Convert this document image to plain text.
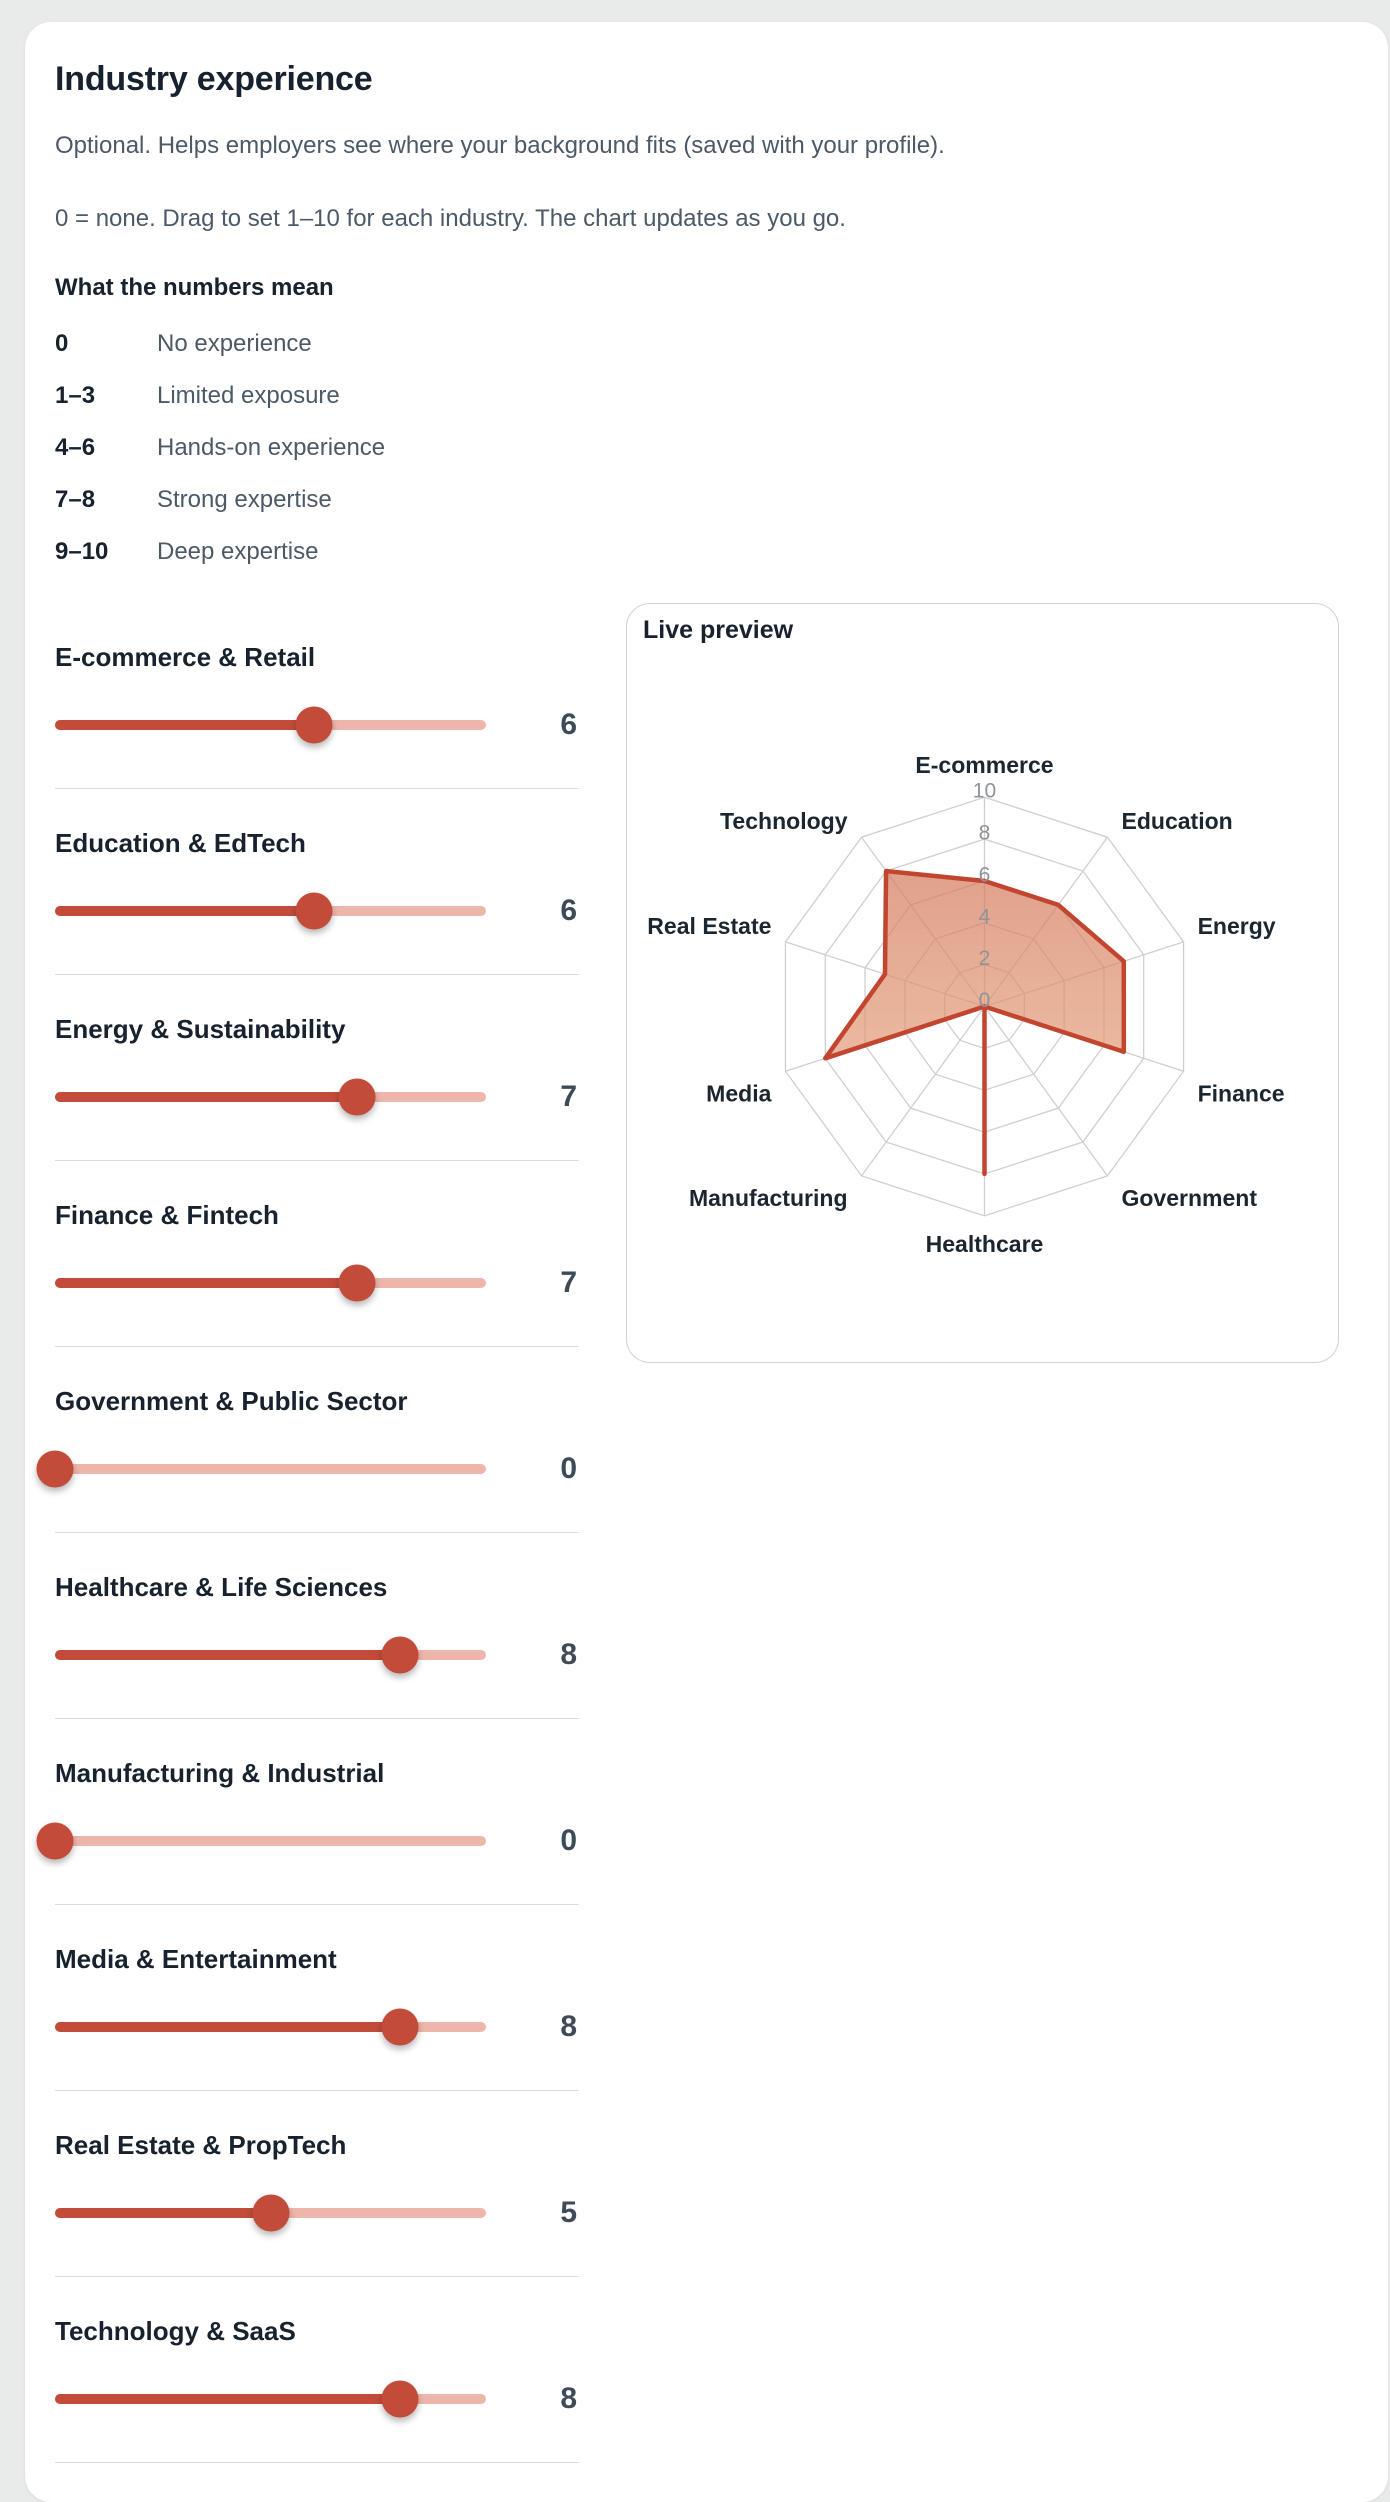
Industry experience

Optional. Helps employers see where your background fits (saved with your profile).

0 = none. Drag to set 1–10 for each industry. The chart updates as you go.

What the numbers mean
0	No experience
1–3	Limited exposure
4–6	Hands-on experience
7–8	Strong expertise
9–10	Deep expertise
E-commerce & Retail
6
Education & EdTech
6
Energy & Sustainability
7
Finance & Fintech
7
Government & Public Sector
0
Healthcare & Life Sciences
8
Manufacturing & Industrial
0
Media & Entertainment
8
Real Estate & PropTech
5
Technology & SaaS
8
Live preview
0
2
4
6
8
10
E-commerce
Education
Energy
Finance
Government
Healthcare
Manufacturing
Media
Real Estate
Technology
